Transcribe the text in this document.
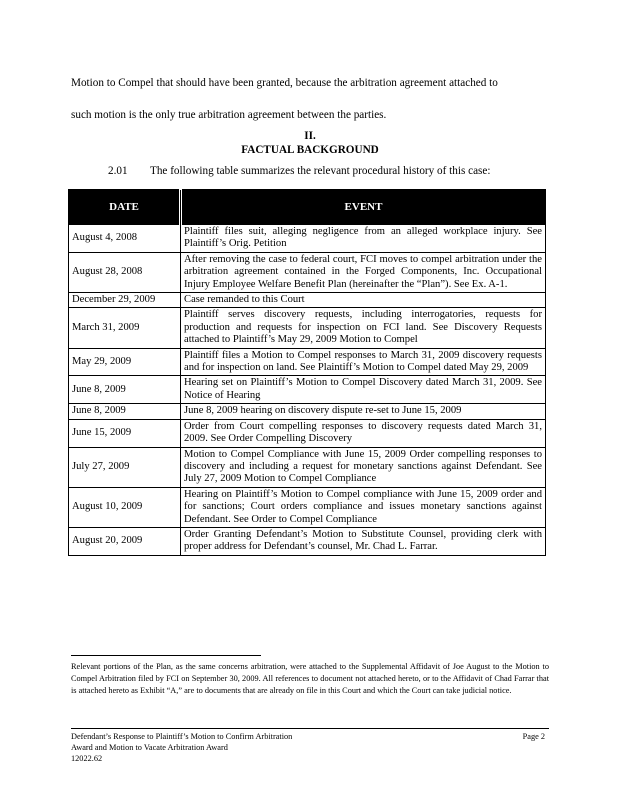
Motion to Compel that should have been granted, because the arbitration agreement attached to
such motion is the only true arbitration agreement between the parties.

II.
FACTUAL BACKGROUND

2.01 The following table summarizes the relevant procedural history of this case:

DATE	EVENT
August 4, 2008	Plaintiff files suit, alleging negligence from an alleged workplace injury. See Plaintiff’s Orig. Petition
August 28, 2008	After removing the case to federal court, FCI moves to compel arbitration under the arbitration agreement contained in the Forged Components, Inc. Occupational Injury Employee Welfare Benefit Plan (hereinafter the “Plan”). See Ex. A-1.
December 29, 2009	Case remanded to this Court
March 31, 2009	Plaintiff serves discovery requests, including interrogatories, requests for production and requests for inspection on FCI land. See Discovery Requests attached to Plaintiff’s May 29, 2009 Motion to Compel
May 29, 2009	Plaintiff files a Motion to Compel responses to March 31, 2009 discovery requests and for inspection on land. See Plaintiff’s Motion to Compel dated May 29, 2009
June 8, 2009	Hearing set on Plaintiff’s Motion to Compel Discovery dated March 31, 2009. See Notice of Hearing
June 8, 2009	June 8, 2009 hearing on discovery dispute re-set to June 15, 2009
June 15, 2009	Order from Court compelling responses to discovery requests dated March 31, 2009. See Order Compelling Discovery
July 27, 2009	Motion to Compel Compliance with June 15, 2009 Order compelling responses to discovery and including a request for monetary sanctions against Defendant. See July 27, 2009 Motion to Compel Compliance
August 10, 2009	Hearing on Plaintiff’s Motion to Compel compliance with June 15, 2009 order and for sanctions; Court orders compliance and issues monetary sanctions against Defendant. See Order to Compel Compliance
August 20, 2009	Order Granting Defendant’s Motion to Substitute Counsel, providing clerk with proper address for Defendant’s counsel, Mr. Chad L. Farrar.

Relevant portions of the Plan, as the same concerns arbitration, were attached to the Supplemental Affidavit of Joe August to the Motion to Compel Arbitration filed by FCI on September 30, 2009. All references to document not attached hereto, or to the Affidavit of Chad Farrar that is attached hereto as Exhibit “A,” are to documents that are already on file in this Court and which the Court can take judicial notice.

Defendant’s Response to Plaintiff’s Motion to Confirm Arbitration
Award and Motion to Vacate Arbitration Award
12022.62
Page 2
